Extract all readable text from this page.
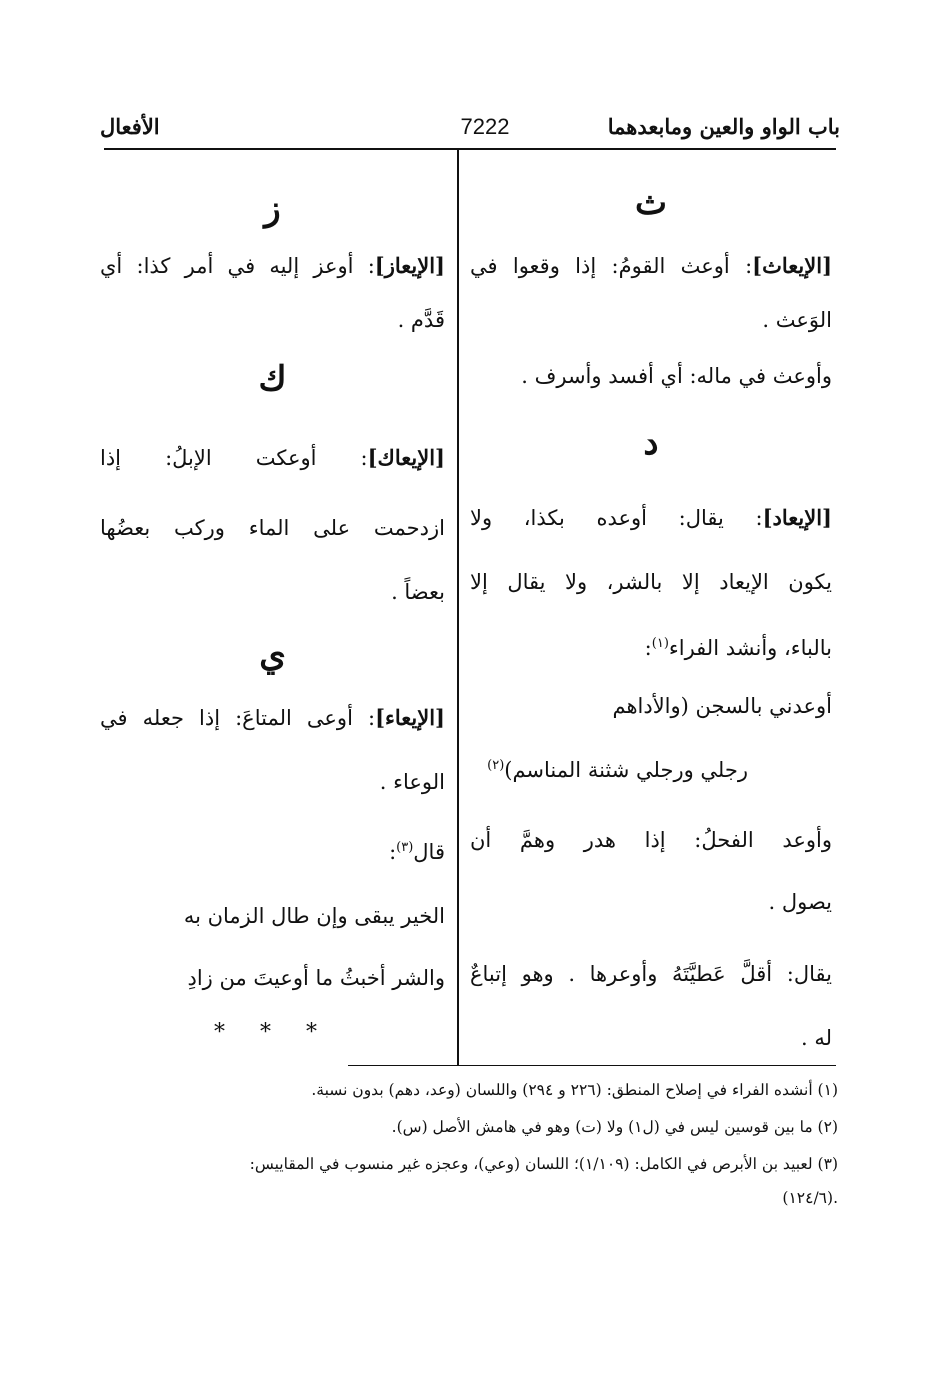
باب الواو والعين ومابعدهما
7222
الأفعال
ث
[الإيعاث]: أوعث القومُ: إذا وقعوا في
الوَعث .
وأوعث في ماله: أي أفسد وأسرف .
د
[الإيعاد]: يقال: أوعده بكذا، ولا
يكون الإيعاد إلا بالشر، ولا يقال إلا
بالباء، وأنشد الفراء$^{(١)}$:
أوعدني بالسجن (والأداهم
رجلي ورجلي شثنة المناسم)$^{(٢)}$
وأوعد الفحلُ: إذا هدر وهمَّ أن
يصول .
يقال: أقلَّ عَطيَّتَهُ وأوعرها . وهو إتباعٌ
له .
ز
[الإيعاز]: أوعز إليه في أمر كذا: أي
قَدَّم .
ك
[الإيعاك]: أوعكت الإبلُ: إذا
ازدحمت على الماء وركب بعضُها
بعضاً .
ي
[الإيعاء]: أوعى المتاعَ: إذا جعله في
الوعاء .
قال$^{(٣)}$:
الخير يبقى وإن طال الزمان به
والشر أخبثُ ما أوعيتَ من زادِ
* * *
(١) أنشده الفراء في إصلاح المنطق: (٢٢٦ و ٢٩٤) واللسان (وعد، دهم) بدون نسبة.
(٢) ما بين قوسين ليس في (ل١) ولا (ت) وهو في هامش الأصل (س).
(٣) لعبيد بن الأبرص في الكامل: (١/١٠٩)؛ اللسان (وعي)، وعجزه غير منسوب في المقاييس:
.(١٢٤/٦)
